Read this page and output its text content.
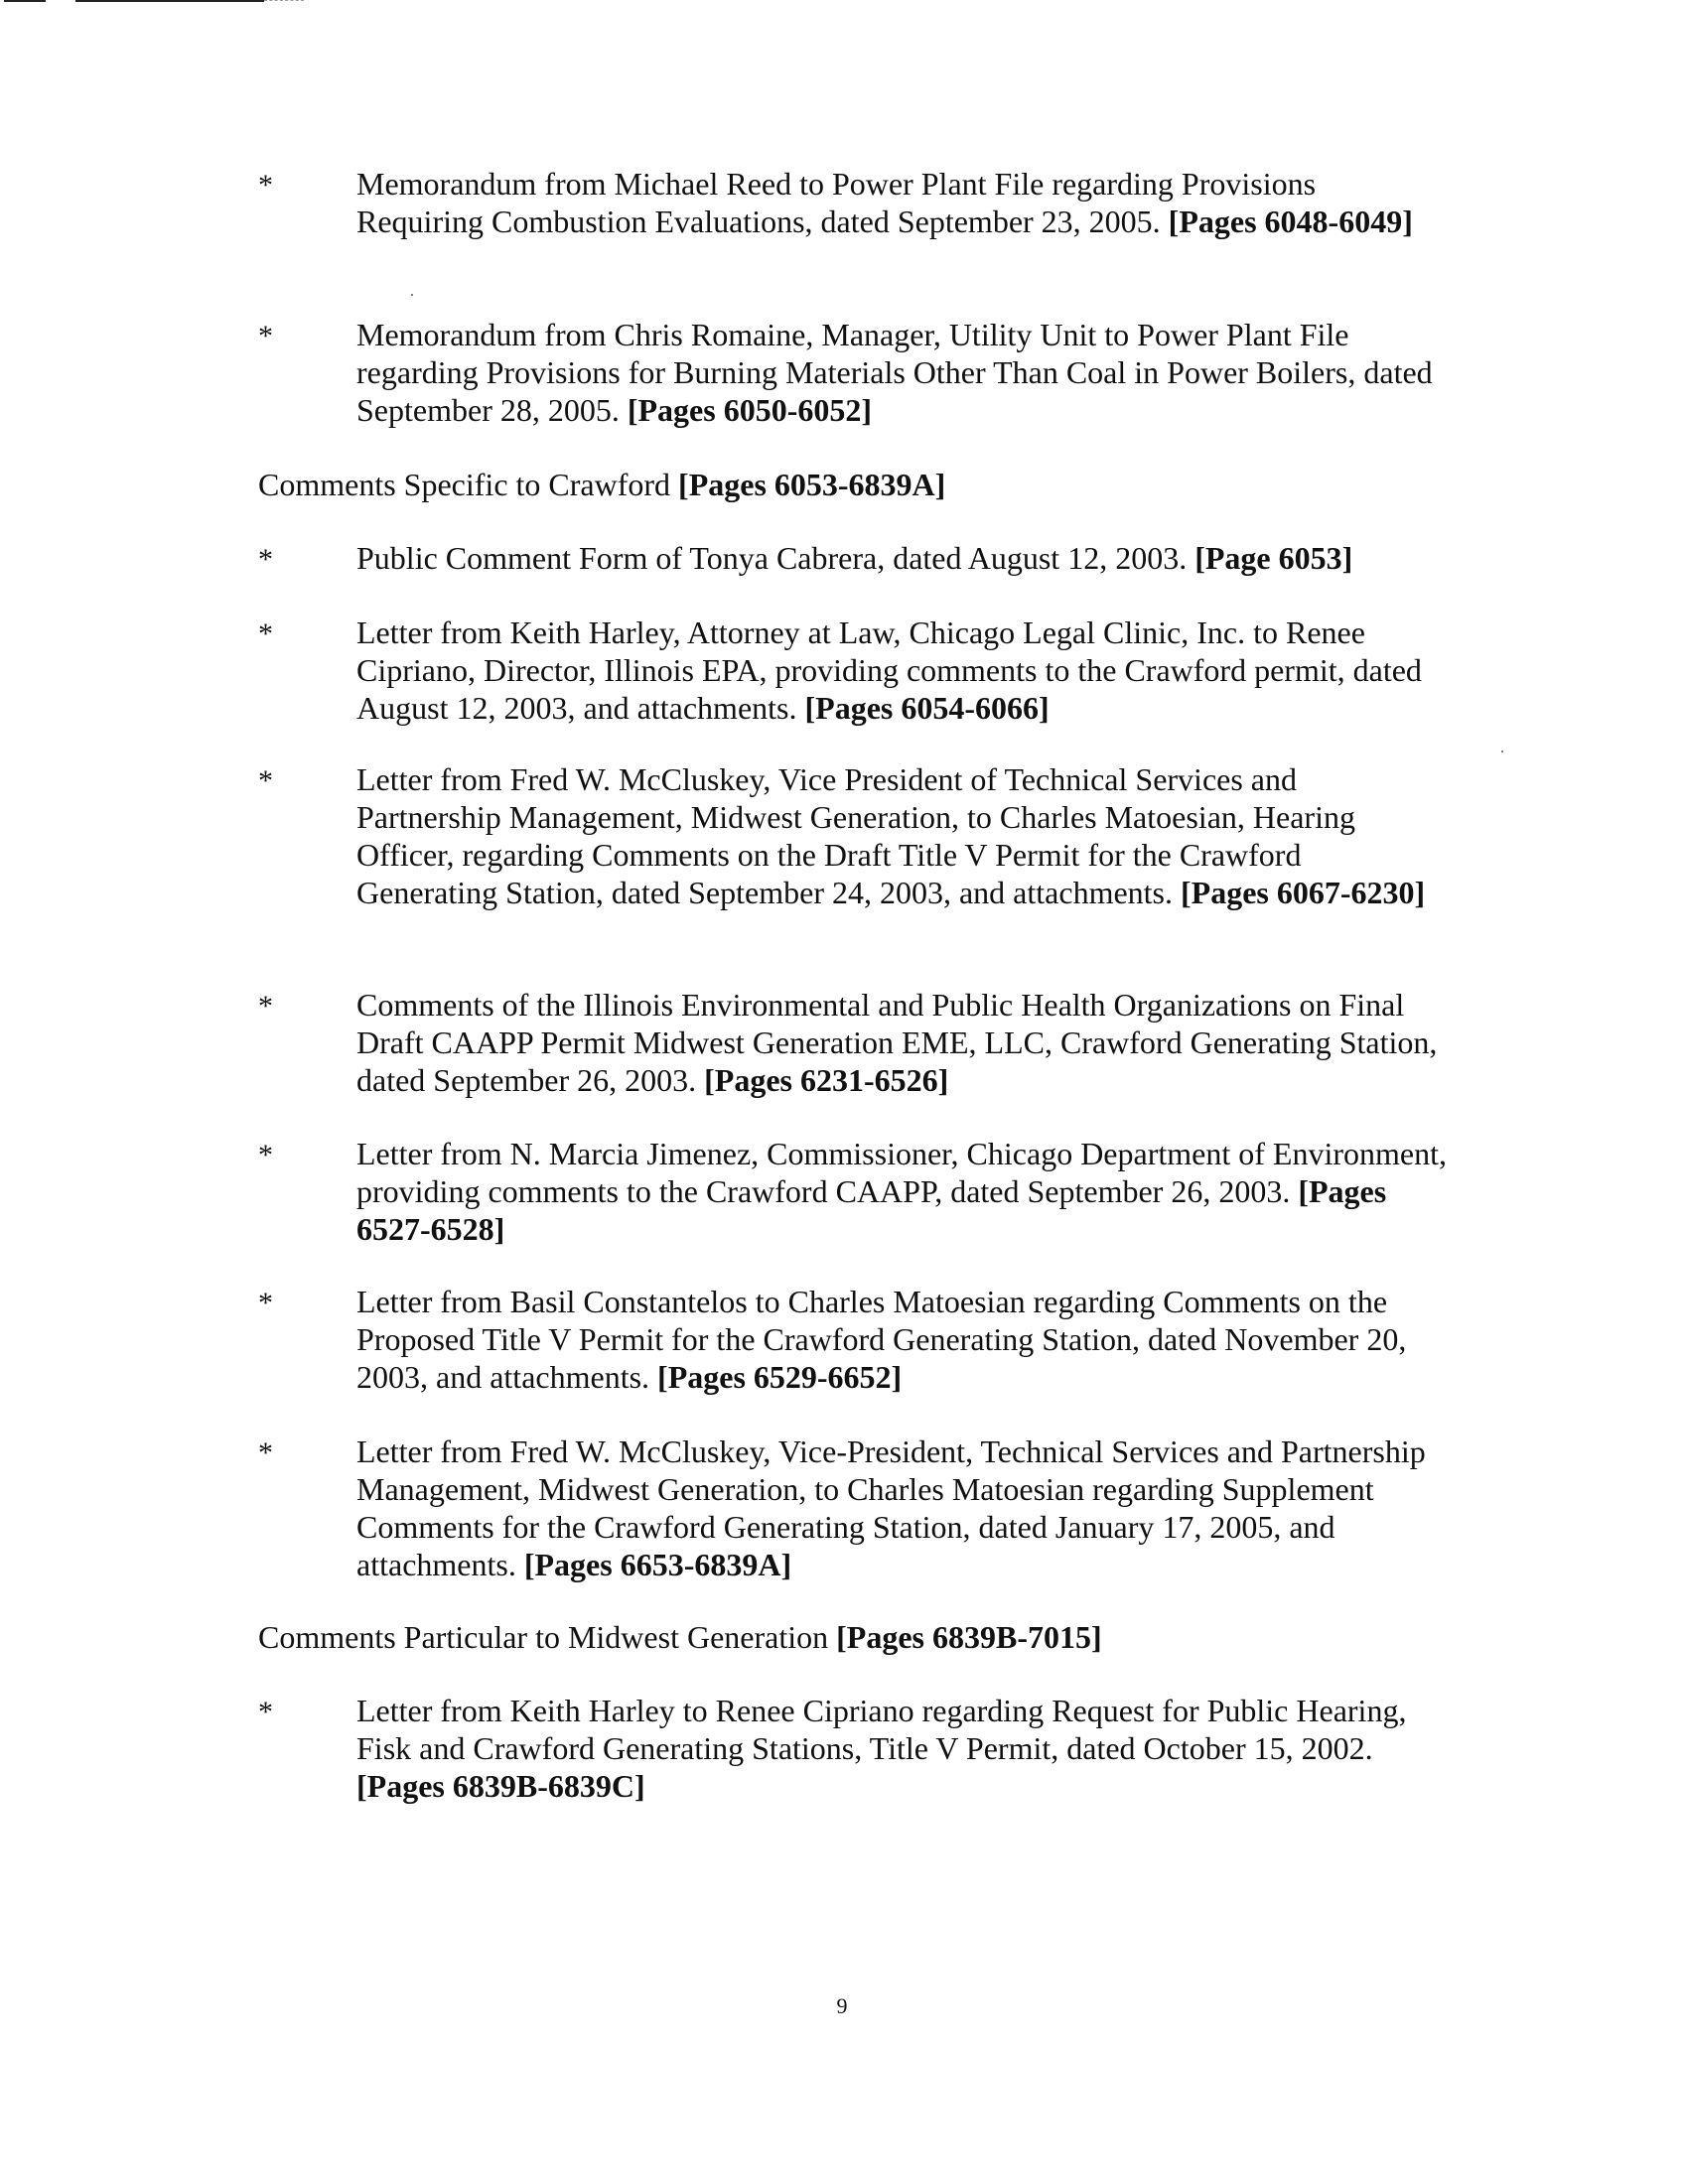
*	Memorandum from Michael Reed to Power Plant File regarding Provisions Requiring Combustion Evaluations, dated September 23, 2005. [Pages 6048-6049]
*	Memorandum from Chris Romaine, Manager, Utility Unit to Power Plant File regarding Provisions for Burning Materials Other Than Coal in Power Boilers, dated September 28, 2005. [Pages 6050-6052]
Comments Specific to Crawford [Pages 6053-6839A]
*	Public Comment Form of Tonya Cabrera, dated August 12, 2003. [Page 6053]
*	Letter from Keith Harley, Attorney at Law, Chicago Legal Clinic, Inc. to Renee Cipriano, Director, Illinois EPA, providing comments to the Crawford permit, dated August 12, 2003, and attachments. [Pages 6054-6066]
*	Letter from Fred W. McCluskey, Vice President of Technical Services and Partnership Management, Midwest Generation, to Charles Matoesian, Hearing Officer, regarding Comments on the Draft Title V Permit for the Crawford Generating Station, dated September 24, 2003, and attachments. [Pages 6067-6230]
*	Comments of the Illinois Environmental and Public Health Organizations on Final Draft CAAPP Permit Midwest Generation EME, LLC, Crawford Generating Station, dated September 26, 2003. [Pages 6231-6526]
*	Letter from N. Marcia Jimenez, Commissioner, Chicago Department of Environment, providing comments to the Crawford CAAPP, dated September 26, 2003. [Pages 6527-6528]
*	Letter from Basil Constantelos to Charles Matoesian regarding Comments on the Proposed Title V Permit for the Crawford Generating Station, dated November 20, 2003, and attachments. [Pages 6529-6652]
*	Letter from Fred W. McCluskey, Vice-President, Technical Services and Partnership Management, Midwest Generation, to Charles Matoesian regarding Supplement Comments for the Crawford Generating Station, dated January 17, 2005, and attachments. [Pages 6653-6839A]
Comments Particular to Midwest Generation [Pages 6839B-7015]
*	Letter from Keith Harley to Renee Cipriano regarding Request for Public Hearing, Fisk and Crawford Generating Stations, Title V Permit, dated October 15, 2002. [Pages 6839B-6839C]
9
